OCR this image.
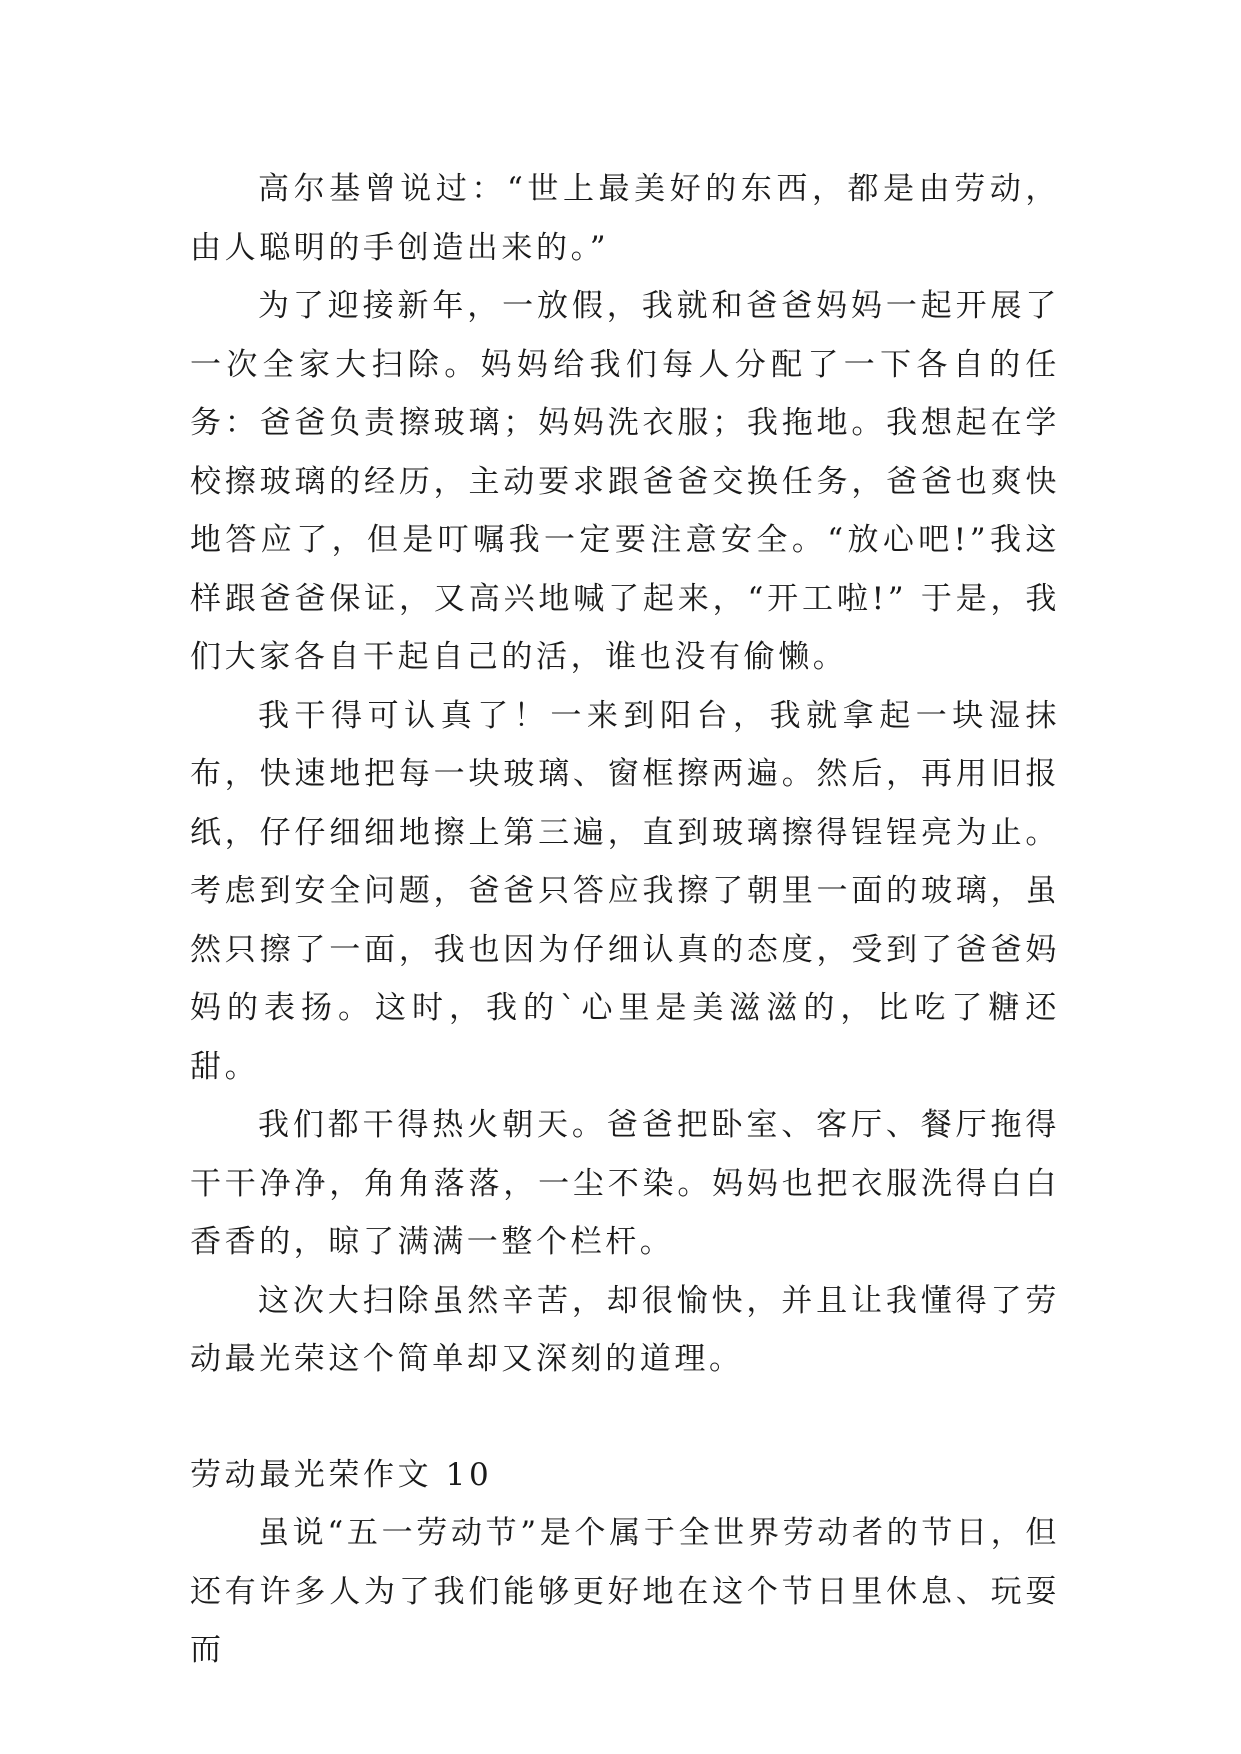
高尔基曾说过：“世上最美好的东西，都是由劳动，由人聪明的手创造出来的。”

为了迎接新年，一放假，我就和爸爸妈妈一起开展了一次全家大扫除。妈妈给我们每人分配了一下各自的任务：爸爸负责擦玻璃；妈妈洗衣服；我拖地。我想起在学校擦玻璃的经历，主动要求跟爸爸交换任务，爸爸也爽快地答应了，但是叮嘱我一定要注意安全。“放心吧!”我这样跟爸爸保证，又高兴地喊了起来，“开工啦!” 于是，我们大家各自干起自己的活，谁也没有偷懒。

我干得可认真了！一来到阳台，我就拿起一块湿抹布，快速地把每一块玻璃、窗框擦两遍。然后，再用旧报纸，仔仔细细地擦上第三遍，直到玻璃擦得锃锃亮为止。考虑到安全问题，爸爸只答应我擦了朝里一面的玻璃，虽然只擦了一面，我也因为仔细认真的态度，受到了爸爸妈妈的表扬。这时，我的`心里是美滋滋的，比吃了糖还甜。

我们都干得热火朝天。爸爸把卧室、客厅、餐厅拖得干干净净，角角落落，一尘不染。妈妈也把衣服洗得白白香香的，晾了满满一整个栏杆。

这次大扫除虽然辛苦，却很愉快，并且让我懂得了劳动最光荣这个简单却又深刻的道理。

劳动最光荣作文 10

虽说“五一劳动节”是个属于全世界劳动者的节日，但还有许多人为了我们能够更好地在这个节日里休息、玩耍而
